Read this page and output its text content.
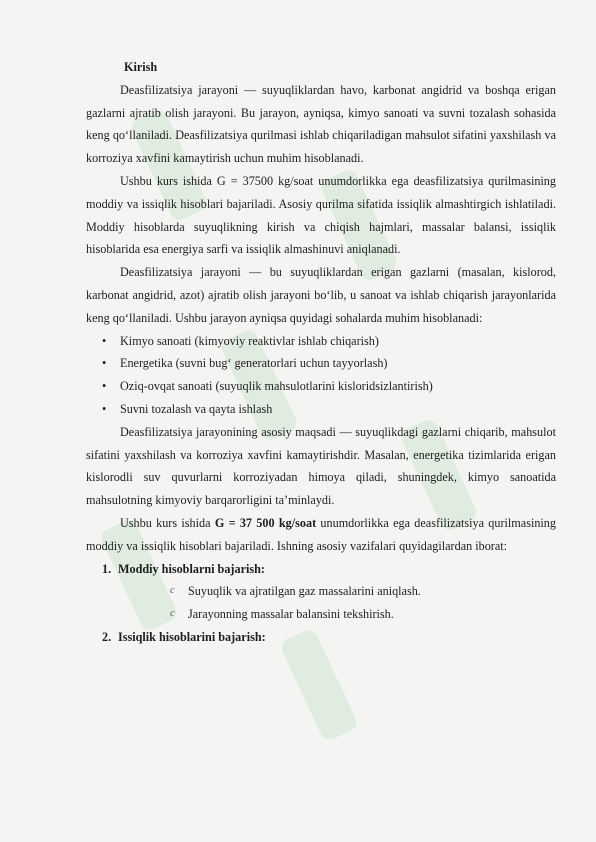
Kirish

Deasfilizatsiya jarayoni — suyuqliklardan havo, karbonat angidrid va boshqa erigan gazlarni ajratib olish jarayoni. Bu jarayon, ayniqsa, kimyo sanoati va suvni tozalash sohasida keng qo‘llaniladi. Deasfilizatsiya qurilmasi ishlab chiqariladigan mahsulot sifatini yaxshilash va korroziya xavfini kamaytirish uchun muhim hisoblanadi.

Ushbu kurs ishida G = 37500 kg/soat unumdorlikka ega deasfilizatsiya qurilmasining moddiy va issiqlik hisoblari bajariladi. Asosiy qurilma sifatida issiqlik almashtirgich ishlatiladi. Moddiy hisoblarda suyuqlikning kirish va chiqish hajmlari, massalar balansi, issiqlik hisoblarida esa energiya sarfi va issiqlik almashinuvi aniqlanadi.

Deasfilizatsiya jarayoni — bu suyuqliklardan erigan gazlarni (masalan, kislorod, karbonat angidrid, azot) ajratib olish jarayoni bo‘lib, u sanoat va ishlab chiqarish jarayonlarida keng qo‘llaniladi. Ushbu jarayon ayniqsa quyidagi sohalarda muhim hisoblanadi:

• Kimyo sanoati (kimyoviy reaktivlar ishlab chiqarish)
• Energetika (suvni bug‘ generatorlari uchun tayyorlash)
• Oziq-ovqat sanoati (suyuqlik mahsulotlarini kisloridsizlantirish)
• Suvni tozalash va qayta ishlash

Deasfilizatsiya jarayonining asosiy maqsadi — suyuqlikdagi gazlarni chiqarib, mahsulot sifatini yaxshilash va korroziya xavfini kamaytirishdir. Masalan, energetika tizimlarida erigan kislorodli suv quvurlarni korroziyadan himoya qiladi, shuningdek, kimyo sanoatida mahsulotning kimyoviy barqarorligini ta’minlaydi.

Ushbu kurs ishida G = 37 500 kg/soat unumdorlikka ega deasfilizatsiya qurilmasining moddiy va issiqlik hisoblari bajariladi. Ishning asosiy vazifalari quyidagilardan iborat:

1. Moddiy hisoblarni bajarish:
c Suyuqlik va ajratilgan gaz massalarini aniqlash.
c Jarayonning massalar balansini tekshirish.
2. Issiqlik hisoblarini bajarish:
